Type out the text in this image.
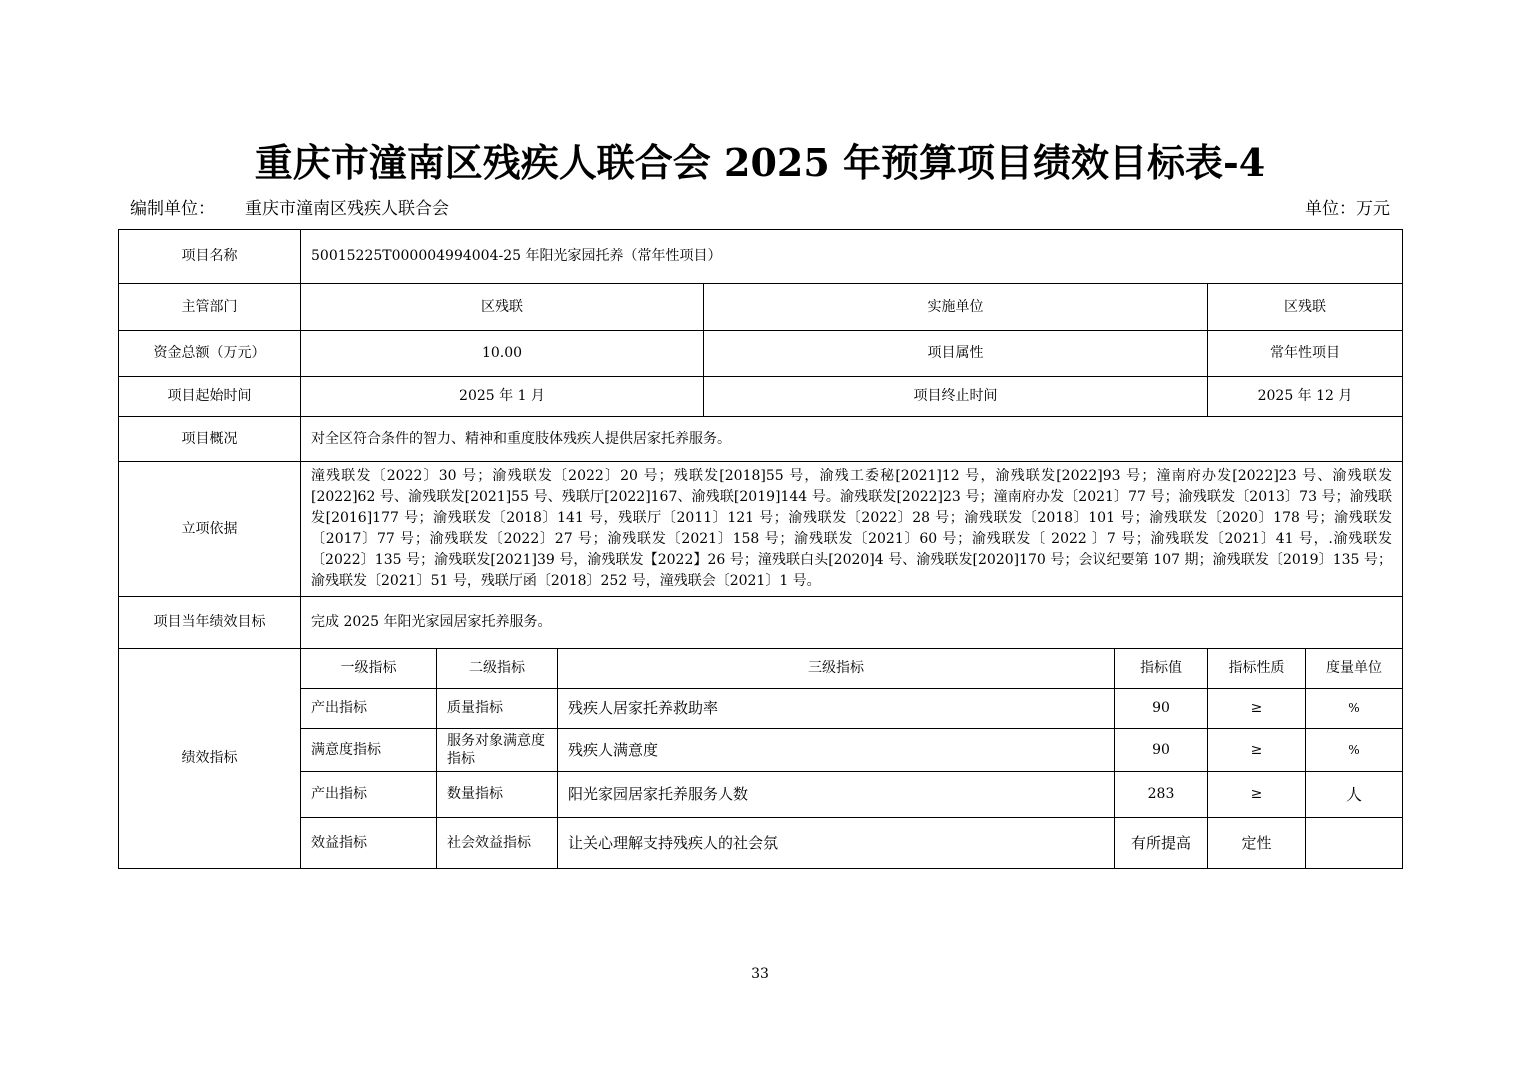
重庆市潼南区残疾人联合会 2025 年预算项目绩效目标表-4
编制单位： 重庆市潼南区残疾人联合会	单位：万元
项目名称	50015225T000004994004-25 年阳光家园托养（常年性项目）						
主管部门	区残联			实施单位		区残联	
资金总额（万元）	10.00			项目属性		常年性项目	
项目起始时间	2025 年 1 月			项目终止时间		2025 年 12 月	
项目概况	对全区符合条件的智力、精神和重度肢体残疾人提供居家托养服务。						
立项依据	潼残联发〔2022〕30 号；渝残联发〔2022〕20 号；残联发[2018]55 号，渝残工委秘[2021]12 号，渝残联发[2022]93 号；潼南府办发[2022]23 号、渝残联发[2022]62 号、渝残联发[2021]55 号、残联厅[2022]167、渝残联[2019]144 号。渝残联发[2022]23 号；潼南府办发〔2021〕77 号；渝残联发〔2013〕73 号；渝残联发[2016]177 号；渝残联发〔2018〕141 号，残联厅〔2011〕121 号；渝残联发〔2022〕28 号；渝残联发〔2018〕101 号；渝残联发〔2020〕178 号；渝残联发〔2017〕77 号；渝残联发〔2022〕27 号；渝残联发〔2021〕158 号；渝残联发〔2021〕60 号；渝残联发〔 2022 〕7 号；渝残联发〔2021〕41 号，.渝残联发〔2022〕135 号；渝残联发[2021]39 号，渝残联发【2022】26 号；潼残联白头[2020]4 号、渝残联发[2020]170 号；会议纪要第 107 期；渝残联发〔2019〕135 号；渝残联发〔2021〕51 号，残联厅函〔2018〕252 号，潼残联会〔2021〕1 号。						
项目当年绩效目标	完成 2025 年阳光家园居家托养服务。						
绩效指标	一级指标	二级指标	三级指标		指标值	指标性质	度量单位
	产出指标	质量指标	残疾人居家托养救助率		90	≥	%
	满意度指标	服务对象满意度指标	残疾人满意度		90	≥	%
	产出指标	数量指标	阳光家园居家托养服务人数		283	≥	人
	效益指标	社会效益指标	让关心理解支持残疾人的社会氛		有所提高	定性	
33
